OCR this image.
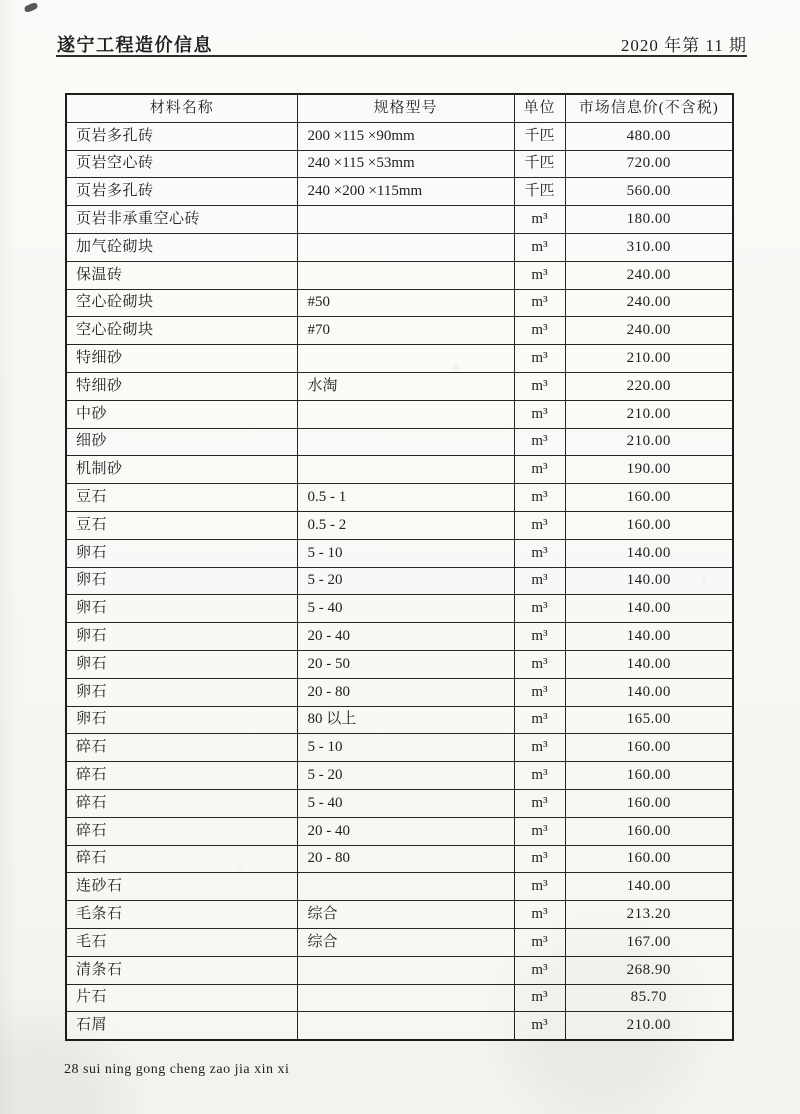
遂宁工程造价信息	2020 年第 11 期
材料名称	规格型号	单位	市场信息价(不含税)
页岩多孔砖	200 ×115 ×90mm	千匹	480.00
页岩空心砖	240 ×115 ×53mm	千匹	720.00
页岩多孔砖	240 ×200 ×115mm	千匹	560.00
页岩非承重空心砖		m³	180.00
加气砼砌块		m³	310.00
保温砖		m³	240.00
空心砼砌块	#50	m³	240.00
空心砼砌块	#70	m³	240.00
特细砂		m³	210.00
特细砂	水淘	m³	220.00
中砂		m³	210.00
细砂		m³	210.00
机制砂		m³	190.00
豆石	0.5 - 1	m³	160.00
豆石	0.5 - 2	m³	160.00
卵石	5 - 10	m³	140.00
卵石	5 - 20	m³	140.00
卵石	5 - 40	m³	140.00
卵石	20 - 40	m³	140.00
卵石	20 - 50	m³	140.00
卵石	20 - 80	m³	140.00
卵石	80 以上	m³	165.00
碎石	5 - 10	m³	160.00
碎石	5 - 20	m³	160.00
碎石	5 - 40	m³	160.00
碎石	20 - 40	m³	160.00
碎石	20 - 80	m³	160.00
连砂石		m³	140.00
毛条石	综合	m³	213.20
毛石	综合	m³	167.00
清条石		m³	268.90
片石		m³	85.70
石屑		m³	210.00
28 sui ning gong cheng zao jia xin xi
